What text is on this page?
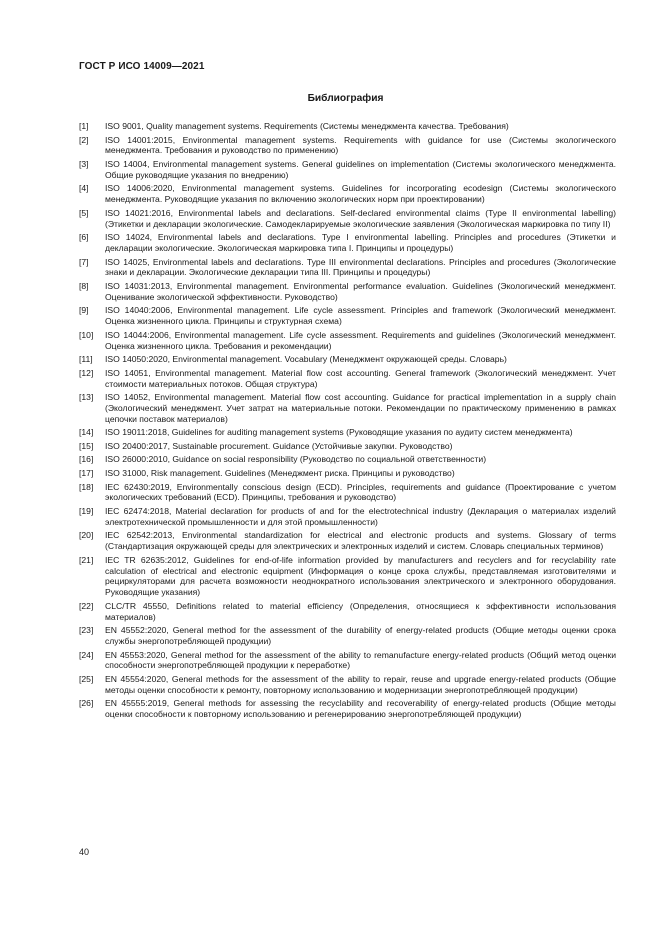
ГОСТ Р ИСО 14009—2021
Библиография
[1]	ISO 9001, Quality management systems. Requirements (Системы менеджмента качества. Требования)
[2]	ISO 14001:2015, Environmental management systems. Requirements with guidance for use (Системы экологического менеджмента. Требования и руководство по применению)
[3]	ISO 14004, Environmental management systems. General guidelines on implementation (Системы экологического менеджмента. Общие руководящие указания по внедрению)
[4]	ISO 14006:2020, Environmental management systems. Guidelines for incorporating ecodesign (Системы экологического менеджмента. Руководящие указания по включению экологических норм при проектировании)
[5]	ISO 14021:2016, Environmental labels and declarations. Self-declared environmental claims (Type II environmental labelling) (Этикетки и декларации экологические. Самодекларируемые экологические заявления (Экологическая маркировка по типу II)
[6]	ISO 14024, Environmental labels and declarations. Type I environmental labelling. Principles and procedures (Этикетки и декларации экологические. Экологическая маркировка типа I. Принципы и процедуры)
[7]	ISO 14025, Environmental labels and declarations. Type III environmental declarations. Principles and procedures (Экологические знаки и декларации. Экологические декларации типа III. Принципы и процедуры)
[8]	ISO 14031:2013, Environmental management. Environmental performance evaluation. Guidelines (Экологический менеджмент. Оценивание экологической эффективности. Руководство)
[9]	ISO 14040:2006, Environmental management. Life cycle assessment. Principles and framework (Экологический менеджмент. Оценка жизненного цикла. Принципы и структурная схема)
[10]	ISO 14044:2006, Environmental management. Life cycle assessment. Requirements and guidelines (Экологический менеджмент. Оценка жизненного цикла. Требования и рекомендации)
[11]	ISO 14050:2020, Environmental management. Vocabulary (Менеджмент окружающей среды. Словарь)
[12]	ISO 14051, Environmental management. Material flow cost accounting. General framework (Экологический менеджмент. Учет стоимости материальных потоков. Общая структура)
[13]	ISO 14052, Environmental management. Material flow cost accounting. Guidance for practical implementation in a supply chain (Экологический менеджмент. Учет затрат на материальные потоки. Рекомендации по практическому применению в рамках цепочки поставок материалов)
[14]	ISO 19011:2018, Guidelines for auditing management systems (Руководящие указания по аудиту систем менеджмента)
[15]	ISO 20400:2017, Sustainable procurement. Guidance (Устойчивые закупки. Руководство)
[16]	ISO 26000:2010, Guidance on social responsibility (Руководство по социальной ответственности)
[17]	ISO 31000, Risk management. Guidelines (Менеджмент риска. Принципы и руководство)
[18]	IEC 62430:2019, Environmentally conscious design (ECD). Principles, requirements and guidance (Проектирование с учетом экологических требований (ECD). Принципы, требования и руководство)
[19]	IEC 62474:2018, Material declaration for products of and for the electrotechnical industry (Декларация о материалах изделий электротехнической промышленности и для этой промышленности)
[20]	IEC 62542:2013, Environmental standardization for electrical and electronic products and systems. Glossary of terms (Стандартизация окружающей среды для электрических и электронных изделий и систем. Словарь специальных терминов)
[21]	IEC TR 62635:2012, Guidelines for end-of-life information provided by manufacturers and recyclers and for recyclability rate calculation of electrical and electronic equipment (Информация о конце срока службы, представляемая изготовителями и рециркуляторами для расчета возможности неоднократного использования электрического и электронного оборудования. Руководящие указания)
[22]	CLC/TR 45550, Definitions related to material efficiency (Определения, относящиеся к эффективности использования материалов)
[23]	EN 45552:2020, General method for the assessment of the durability of energy-related products (Общие методы оценки срока службы энергопотребляющей продукции)
[24]	EN 45553:2020, General method for the assessment of the ability to remanufacture energy-related products (Общий метод оценки способности энергопотребляющей продукции к переработке)
[25]	EN 45554:2020, General methods for the assessment of the ability to repair, reuse and upgrade energy-related products (Общие методы оценки способности к ремонту, повторному использованию и модернизации энергопотребляющей продукции)
[26]	EN 45555:2019, General methods for assessing the recyclability and recoverability of energy-related products (Общие методы оценки способности к повторному использованию и регенерированию энергопотребляющей продукции)
40
